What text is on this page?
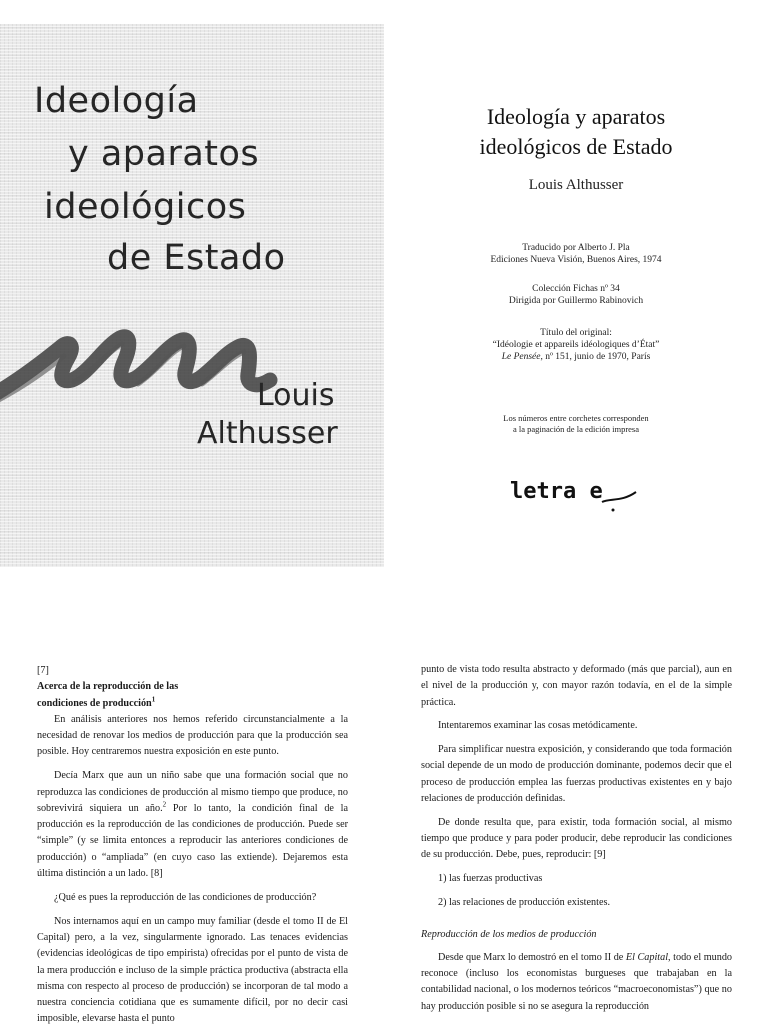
Ideología
y aparatos
ideológicos
de Estado
Louis
Althusser
Ideología y aparatos
ideológicos de Estado
Louis Althusser
Traducido por Alberto J. Pla
Ediciones Nueva Visión, Buenos Aires, 1974
Colección Fichas nº 34
Dirigida por Guillermo Rabinovich
Título del original:
“Idéologie et appareils idéologiques d’État”
Le Pensée, nº 151, junio de 1970, París
Los números entre corchetes corresponden
a la paginación de la edición impresa
letra e

[7]

Acerca de la reproducción de las
condiciones de producción$^1$

En análisis anteriores nos hemos referido circunstancialmente a la necesidad de renovar los medios de producción para que la producción sea posible. Hoy centraremos nuestra exposición en este punto.

Decía Marx que aun un niño sabe que una formación social que no reproduzca las condiciones de producción al mismo tiempo que produce, no sobrevivirá siquiera un año.$^2$ Por lo tanto, la condición final de la producción es la reproducción de las condiciones de producción. Puede ser “simple” (y se limita entonces a reproducir las anteriores condiciones de producción) o “ampliada” (en cuyo caso las extiende). Dejaremos esta última distinción a un lado. [8]

¿Qué es pues la reproducción de las condiciones de producción?

Nos internamos aquí en un campo muy familiar (desde el tomo II de El Capital) pero, a la vez, singularmente ignorado. Las tenaces evidencias (evidencias ideológicas de tipo empirista) ofrecidas por el punto de vista de la mera producción e incluso de la simple práctica productiva (abstracta ella misma con respecto al proceso de producción) se incorporan de tal modo a nuestra conciencia cotidiana que es sumamente difícil, por no decir casi imposible, elevarse hasta el punto

punto de vista todo resulta abstracto y deformado (más que parcial), aun en el nivel de la producción y, con mayor razón todavía, en el de la simple práctica.

Intentaremos examinar las cosas metódicamente.

Para simplificar nuestra exposición, y considerando que toda formación social depende de un modo de producción dominante, podemos decir que el proceso de producción emplea las fuerzas productivas existentes en y bajo relaciones de producción definidas.

De donde resulta que, para existir, toda formación social, al mismo tiempo que produce y para poder producir, debe reproducir las condiciones de su producción. Debe, pues, reproducir: [9]

1) las fuerzas productivas

2) las relaciones de producción existentes.

Reproducción de los medios de producción

Desde que Marx lo demostró en el tomo II de El Capital, todo el mundo reconoce (incluso los economistas burgueses que trabajaban en la contabilidad nacional, o los modernos teóricos “macroeconomistas”) que no hay producción posible si no se asegura la reproducción
